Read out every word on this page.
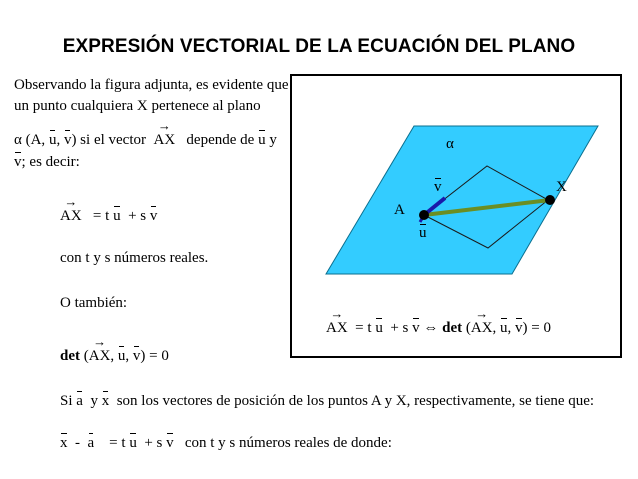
EXPRESIÓN VECTORIAL DE LA ECUACIÓN DEL PLANO
Observando la figura adjunta, es evidente que
un punto cualquiera X pertenece al plano
α (A, u, v) si el vector  → AX depende de u y
v; es decir:
→ AX = t u + s v
con t y s números reales.
O también:
det (→ AX, u, v) = 0
α
A
X
v
u
→ AX = t u + s v ⇔ det (→ AX, u, v) = 0
Si a y x son los vectores de posición de los puntos A y X, respectivamente, se tiene que:
x - a = t u + s v con t y s números reales de donde:
